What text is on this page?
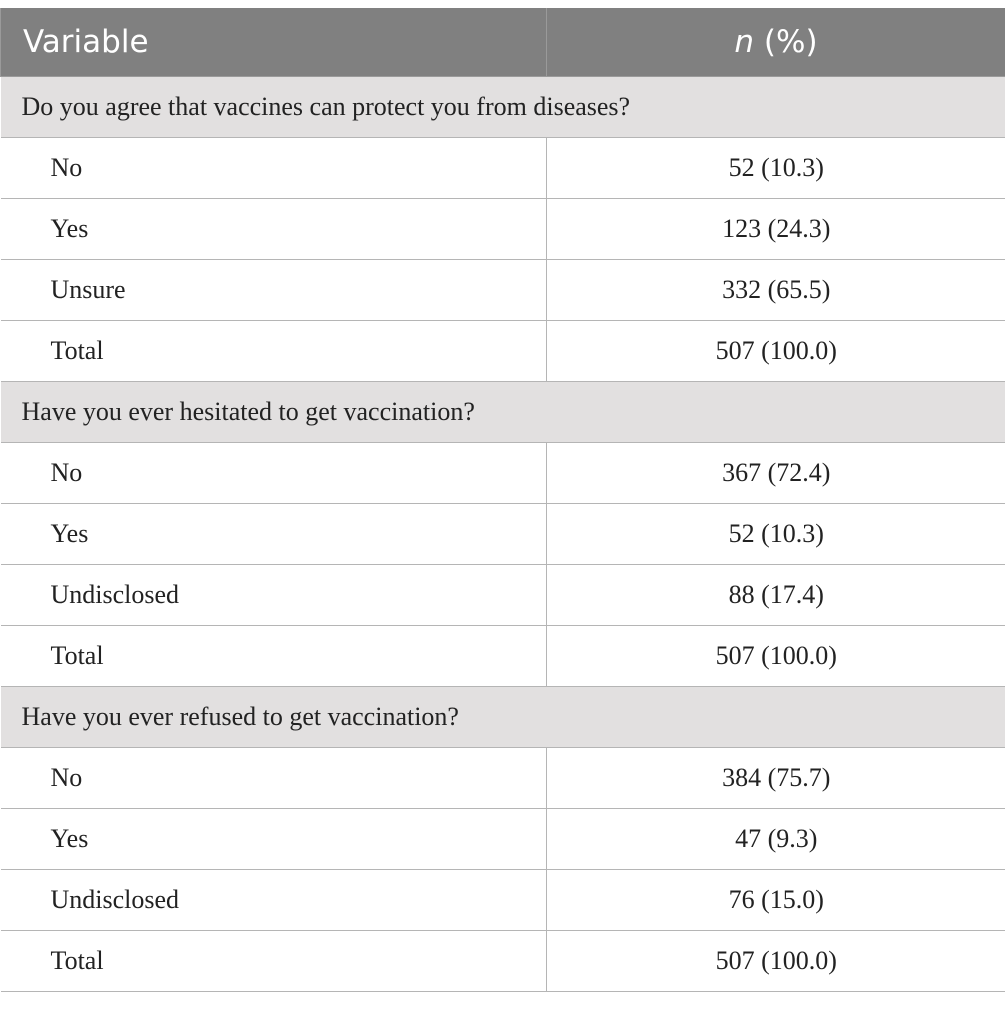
Variable	n (%)
Do you agree that vaccines can protect you from diseases?	
No	52 (10.3)
Yes	123 (24.3)
Unsure	332 (65.5)
Total	507 (100.0)
Have you ever hesitated to get vaccination?	
No	367 (72.4)
Yes	52 (10.3)
Undisclosed	88 (17.4)
Total	507 (100.0)
Have you ever refused to get vaccination?	
No	384 (75.7)
Yes	47 (9.3)
Undisclosed	76 (15.0)
Total	507 (100.0)
